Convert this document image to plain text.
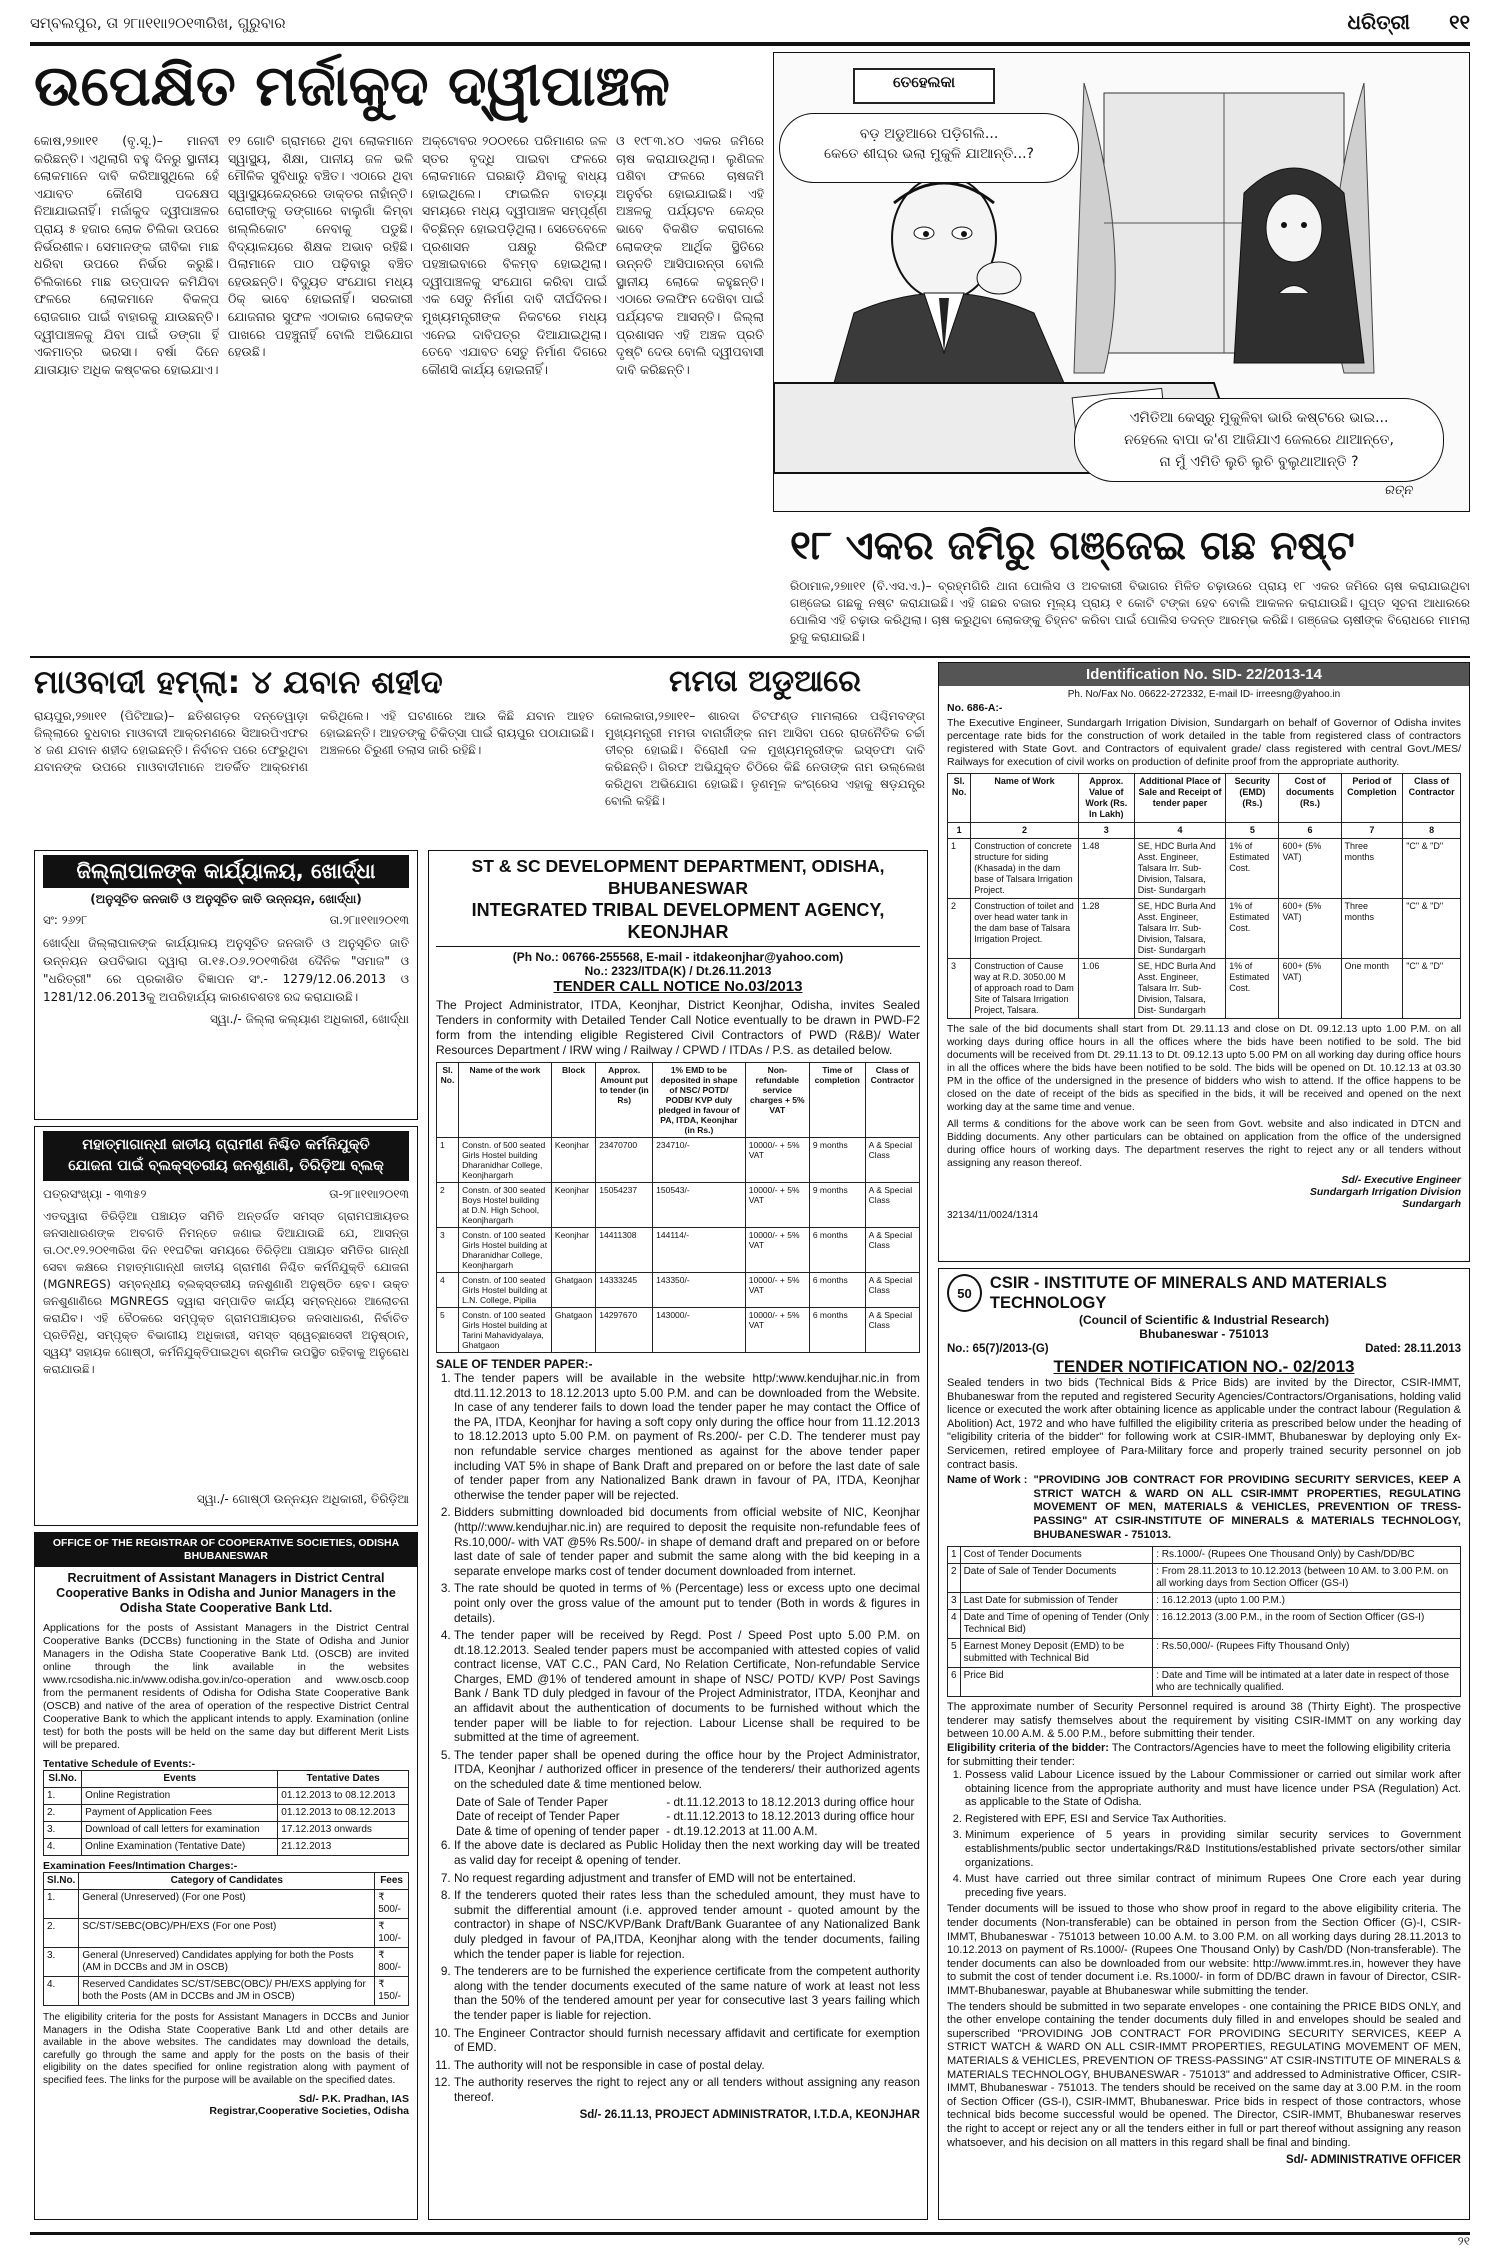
ସମ୍ବଲପୁର, ତା ୨୮ାା୧୧ାା୨୦୧୩ରିଖ, ଗୁରୁବାର	ଧରିତ୍ରୀ ୧୧
ଉପେକ୍ଷିତ ମର୍ଜାକୁଦ ଦ୍ୱୀପାଞ୍ଚଳ
କୋଷ,୨୭ାା୧୧ (ବୃ.ସୂ.)– ମାନବୀ କରିଛନ୍ତି। ଏଥିଲାଗି ବହୁ ଦିନରୁ ସ୍ଥାନୀୟ ଲୋକମାନେ ଦାବି କରିଆସୁଥିଲେ ହେଁ ଏଯାବତ କୌଣସି ପଦକ୍ଷେପ ନିଆଯାଇନାହିଁ। ମର୍ଜାକୁଦ ଦ୍ୱୀପାଞ୍ଚଳର ପ୍ରାୟ ୫ ହଜାର ଲୋକ ଚିଲିକା ଉପରେ ନିର୍ଭରଶୀଳ। ସେମାନଙ୍କ ଜୀବିକା ମାଛ ଧରିବା ଉପରେ ନିର୍ଭର କରୁଛି। ଚିଲିକାରେ ମାଛ ଉତ୍ପାଦନ କମିଯିବା ଫଳରେ ଲୋକମାନେ ବିକଳ୍ପ ରୋଜଗାର ପାଇଁ ବାହାରକୁ ଯାଉଛନ୍ତି। ଦ୍ୱୀପାଞ୍ଚଳକୁ ଯିବା ପାଇଁ ଡଙ୍ଗା ହିଁ ଏକମାତ୍ର ଭରସା। ବର୍ଷା ଦିନେ ଯାତାୟାତ ଅଧିକ କଷ୍ଟକର ହୋଇଯାଏ।
୧୨ ଗୋଟି ଗ୍ରାମରେ ଥିବା ଲୋକମାନେ ସ୍ୱାସ୍ଥ୍ୟ, ଶିକ୍ଷା, ପାନୀୟ ଜଳ ଭଳି ମୌଳିକ ସୁବିଧାରୁ ବଞ୍ଚିତ। ଏଠାରେ ଥିବା ସ୍ୱାସ୍ଥ୍ୟକେନ୍ଦ୍ରରେ ଡାକ୍ତର ନାହାଁନ୍ତି। ରୋଗୀଙ୍କୁ ଡଙ୍ଗାରେ ବାଲୁଗାଁ କିମ୍ବା ଖଲ୍ଲିକୋଟ ନେବାକୁ ପଡୁଛି। ବିଦ୍ୟାଳୟରେ ଶିକ୍ଷକ ଅଭାବ ରହିଛି। ପିଲାମାନେ ପାଠ ପଢ଼ିବାରୁ ବଞ୍ଚିତ ହେଉଛନ୍ତି। ବିଦ୍ୟୁତ ସଂଯୋଗ ମଧ୍ୟ ଠିକ୍ ଭାବେ ହୋଇନାହିଁ। ସରକାରୀ ଯୋଜନାର ସୁଫଳ ଏଠାକାର ଲୋକଙ୍କ ପାଖରେ ପହଞ୍ଚୁନାହିଁ ବୋଲି ଅଭିଯୋଗ ହେଉଛି।
ଅକ୍ଟୋବର ୨୦୦୧ରେ ପରିମାଣର ଜଳ ସ୍ତର ବୃଦ୍ଧି ପାଇବା ଫଳରେ ଲୋକମାନେ ଘରଛାଡ଼ି ଯିବାକୁ ବାଧ୍ୟ ହୋଇଥିଲେ। ଫାଇଲିନ ବାତ୍ୟା ସମୟରେ ମଧ୍ୟ ଦ୍ୱୀପାଞ୍ଚଳ ସମ୍ପୂର୍ଣ୍ଣ ବିଚ୍ଛିନ୍ନ ହୋଇପଡ଼ିଥିଲା। ସେତେବେଳେ ପ୍ରଶାସନ ପକ୍ଷରୁ ରିଲିଫ ପହଞ୍ଚାଇବାରେ ବିଳମ୍ବ ହୋଇଥିଲା। ଦ୍ୱୀପାଞ୍ଚଳକୁ ସଂଯୋଗ କରିବା ପାଇଁ ଏକ ସେତୁ ନିର୍ମାଣ ଦାବି ଦୀର୍ଘଦିନର। ମୁଖ୍ୟମନ୍ତ୍ରୀଙ୍କ ନିକଟରେ ମଧ୍ୟ ଏନେଇ ଦାବିପତ୍ର ଦିଆଯାଇଥିଲା। ତେବେ ଏଯାବତ ସେତୁ ନିର୍ମାଣ ଦିଗରେ କୌଣସି କାର୍ଯ୍ୟ ହୋଇନାହିଁ।
ଓ ୧୯୮୩.୪୦ ଏକର ଜମିରେ ଚାଷ କରାଯାଉଥିଲା। ଲୁଣିଜଳ ପଶିବା ଫଳରେ ଚାଷଜମି ଅନୁର୍ବର ହୋଇଯାଇଛି। ଏହି ଅଞ୍ଚଳକୁ ପର୍ଯ୍ୟଟନ କେନ୍ଦ୍ର ଭାବେ ବିକଶିତ କରାଗଲେ ଲୋକଙ୍କ ଆର୍ଥିକ ସ୍ଥିତିରେ ଉନ୍ନତି ଆସିପାରନ୍ତା ବୋଲି ସ୍ଥାନୀୟ ଲୋକେ କହୁଛନ୍ତି। ଏଠାରେ ଡଲଫିନ ଦେଖିବା ପାଇଁ ପର୍ଯ୍ୟଟକ ଆସନ୍ତି। ଜିଲ୍ଲା ପ୍ରଶାସନ ଏହି ଅଞ୍ଚଳ ପ୍ରତି ଦୃଷ୍ଟି ଦେଉ ବୋଲି ଦ୍ୱୀପବାସୀ ଦାବି କରିଛନ୍ତି।
ତେହେଲକା
ବଡ଼ ଅଡୁଆରେ ପଡ଼ିଗଲି...
କେତେ ଶୀଘ୍ର ଭଲା ମୁକୁଳି ଯାଆନ୍ତି...?
ଏମିତିଆ କେସ୍‌ରୁ ମୁକୁଳିବା ଭାରି କଷ୍ଟରେ ଭାଇ...
ନହେଲେ ବାପା କ'ଣ ଆଜିଯାଏ ଜେଲରେ ଥାଆନ୍ତେ,
ନା ମୁଁ ଏମିତି ଲୁଚି ଲୁଚି ବୁଲୁଥାଆନ୍ତି ?
ରତ୍ନ
୧୮ ଏକର ଜମିରୁ ଗଞ୍ଜେଇ ଗଛ ନଷ୍ଟ
ରିଠାମାଳ,୨୭ାା୧୧ (ବି.ଏସ.ଏ.)– ବ୍ରହ୍ମଗିରି ଥାନା ପୋଲିସ ଓ ଅବକାରୀ ବିଭାଗର ମିଳିତ ଚଢ଼ାଉରେ ପ୍ରାୟ ୧୮ ଏକର ଜମିରେ ଚାଷ କରାଯାଇଥିବା ଗଞ୍ଜେଇ ଗଛକୁ ନଷ୍ଟ କରାଯାଇଛି। ଏହି ଗଛର ବଜାର ମୂଲ୍ୟ ପ୍ରାୟ ୧ କୋଟି ଟଙ୍କା ହେବ ବୋଲି ଆକଳନ କରାଯାଉଛି। ଗୁପ୍ତ ସୂଚନା ଆଧାରରେ ପୋଲିସ ଏହି ଚଢ଼ାଉ କରିଥିଲା। ଚାଷ କରୁଥିବା ଲୋକଙ୍କୁ ଚିହ୍ନଟ କରିବା ପାଇଁ ପୋଲିସ ତଦନ୍ତ ଆରମ୍ଭ କରିଛି। ଗଞ୍ଜେଇ ଚାଷୀଙ୍କ ବିରୋଧରେ ମାମଲା ରୁଜୁ କରାଯାଇଛି।
ମାଓବାଦୀ ହମ୍ଲା: ୪ ଯବାନ ଶହୀଦ
ରାୟପୁର,୨୭ାା୧୧ (ପିଟିଆଇ)– ଛତିଶଗଡ଼ର ଦନ୍ତେୱାଡ଼ା ଜିଲ୍ଲାରେ ବୁଧବାର ମାଓବାଦୀ ଆକ୍ରମଣରେ ସିଆରପିଏଫର ୪ ଜଣ ଯବାନ ଶହୀଦ ହୋଇଛନ୍ତି। ନିର୍ବାଚନ ପରେ ଫେରୁଥିବା ଯବାନଙ୍କ ଉପରେ ମାଓବାଦୀମାନେ ଅତର୍କିତ ଆକ୍ରମଣ କରିଥିଲେ। ଏହି ଘଟଣାରେ ଆଉ କିଛି ଯବାନ ଆହତ ହୋଇଛନ୍ତି। ଆହତଙ୍କୁ ଚିକିତ୍ସା ପାଇଁ ରାୟପୁର ପଠାଯାଇଛି। ଅଞ୍ଚଳରେ ଚିରୁଣୀ ତଲାସ ଜାରି ରହିଛି।
ମମତା ଅଡୁଆରେ
କୋଲକାତା,୨୭ାା୧୧– ଶାରଦା ଚିଟଫଣ୍ଡ ମାମଲାରେ ପଶ୍ଚିମବଙ୍ଗ ମୁଖ୍ୟମନ୍ତ୍ରୀ ମମତା ବାନାର୍ଜୀଙ୍କ ନାମ ଆସିବା ପରେ ରାଜନୈତିକ ଚର୍ଚ୍ଚା ତୀବ୍ର ହୋଇଛି। ବିରୋଧୀ ଦଳ ମୁଖ୍ୟମନ୍ତ୍ରୀଙ୍କ ଇସ୍ତଫା ଦାବି କରିଛନ୍ତି। ଗିରଫ ଅଭିଯୁକ୍ତ ଚିଠିରେ କିଛି ନେତାଙ୍କ ନାମ ଉଲ୍ଲେଖ କରିଥିବା ଅଭିଯୋଗ ହୋଇଛି। ତୃଣମୂଳ କଂଗ୍ରେସ ଏହାକୁ ଷଡ଼ଯନ୍ତ୍ର ବୋଲି କହିଛି।
ଜିଲ୍ଲାପାଳଙ୍କ କାର୍ଯ୍ୟାଳୟ, ଖୋର୍ଦ୍ଧା
(ଅନୁସୂଚିତ ଜନଜାତି ଓ ଅନୁସୂଚିତ ଜାତି ଉନ୍ନୟନ, ଖୋର୍ଦ୍ଧା)
ସଂ: ୨୬୨୮	ତା.୨୮ାା୧୧ାା୨୦୧୩
ଖୋର୍ଦ୍ଧା ଜିଲ୍ଲାପାଳଙ୍କ କାର୍ଯ୍ୟାଳୟ ଅନୁସୂଚିତ ଜନଜାତି ଓ ଅନୁସୂଚିତ ଜାତି ଉନ୍ନୟନ ଉପବିଭାଗ ଦ୍ୱାରା ତା.୧୫.୦୬.୨୦୧୩ରିଖ ଦୈନିକ "ସମାଜ" ଓ "ଧରିତ୍ରୀ" ରେ ପ୍ରକାଶିତ ବିଜ୍ଞାପନ ସଂ.- 1279/12.06.2013 ଓ 1281/12.06.2013କୁ ଅପରିହାର୍ଯ୍ୟ କାରଣବଶତଃ ରଦ୍ଦ କରାଯାଉଛି।
ସ୍ୱା./- ଜିଲ୍ଲା କଲ୍ୟାଣ ଅଧିକାରୀ, ଖୋର୍ଦ୍ଧା
ମହାତ୍ମାଗାନ୍ଧୀ ଜାତୀୟ ଗ୍ରାମୀଣ ନିଶ୍ଚିତ କର୍ମନିଯୁକ୍ତି
ଯୋଜନା ପାଇଁ ବ୍ଲକ୍‌ସ୍ତରୀୟ ଜନଶୁଣାଣି, ତିରିଡ଼ିଆ ବ୍ଲକ୍
ପତ୍ରସଂଖ୍ୟା - ୩୩୫୨	ତା-୨୮ାା୧୧ାା୨୦୧୩
ଏତଦ୍ୱାରା ତିରିଡ଼ିଆ ପଞ୍ଚାୟତ ସମିତି ଅନ୍ତର୍ଗତ ସମସ୍ତ ଗ୍ରାମପଞ୍ଚାୟତର ଜନସାଧାରଣଙ୍କ ଅବଗତି ନିମନ୍ତେ ଜଣାଇ ଦିଆଯାଉଛି ଯେ, ଆସନ୍ତା ତା.୦୯.୧୨.୨୦୧୩ରିଖ ଦିନ ୧୧ଘଟିକା ସମୟରେ ତିରିଡ଼ିଆ ପଞ୍ଚାୟତ ସମିତିର ଗାନ୍ଧୀ ସେବା କକ୍ଷରେ ମହାତ୍ମାଗାନ୍ଧୀ ଜାତୀୟ ଗ୍ରାମୀଣ ନିଶ୍ଚିତ କର୍ମନିଯୁକ୍ତି ଯୋଜନା (MGNREGS) ସମ୍ବନ୍ଧୀୟ ବ୍ଲକ୍‌ସ୍ତରୀୟ ଜନଶୁଣାଣି ଅନୁଷ୍ଠିତ ହେବ। ଉକ୍ତ ଜନଶୁଣାଣିରେ MGNREGS ଦ୍ୱାରା ସମ୍ପାଦିତ କାର୍ଯ୍ୟ ସମ୍ବନ୍ଧରେ ଆଲୋଚନା କରାଯିବ। ଏହି ବୈଠକରେ ସମ୍ପୃକ୍ତ ଗ୍ରାମପଞ୍ଚାୟତର ଜନସାଧାରଣ, ନିର୍ବାଚିତ ପ୍ରତିନିଧି, ସମ୍ପୃକ୍ତ ବିଭାଗୀୟ ଅଧିକାରୀ, ସମସ୍ତ ସ୍ୱେଚ୍ଛାସେବୀ ଅନୁଷ୍ଠାନ, ସ୍ୱୟଂ ସହାୟକ ଗୋଷ୍ଠୀ, କର୍ମନିଯୁକ୍ତିପାଇଥିବା ଶ୍ରମିକ ଉପସ୍ଥିତ ରହିବାକୁ ଅନୁରୋଧ କରାଯାଉଛି।
ସ୍ୱା./- ଗୋଷ୍ଠୀ ଉନ୍ନୟନ ଅଧିକାରୀ, ତିରିଡ଼ିଆ
OFFICE OF THE REGISTRAR OF COOPERATIVE SOCIETIES, ODISHA
BHUBANESWAR
Recruitment of Assistant Managers in District Central Cooperative Banks in Odisha and Junior Managers in the Odisha State Cooperative Bank Ltd.
Applications for the posts of Assistant Managers in the District Central Cooperative Banks (DCCBs) functioning in the State of Odisha and Junior Managers in the Odisha State Cooperative Bank Ltd. (OSCB) are invited online through the link available in the websites www.rcsodisha.nic.in/www.odisha.gov.in/co-operation and www.oscb.coop from the permanent residents of Odisha for Odisha State Cooperative Bank (OSCB) and native of the area of operation of the respective District Central Cooperative Bank to which the applicant intends to apply. Examination (online test) for both the posts will be held on the same day but different Merit Lists will be prepared.
Tentative Schedule of Events:-
Sl.No.	Events	Tentative Dates
1.	Online Registration	01.12.2013 to 08.12.2013
2.	Payment of Application Fees	01.12.2013 to 08.12.2013
3.	Download of call letters for examination	17.12.2013 onwards
4.	Online Examination (Tentative Date)	21.12.2013
Examination Fees/Intimation Charges:-
Sl.No.	Category of Candidates	Fees
1.	General (Unreserved) (For one Post)	₹ 500/-
2.	SC/ST/SEBC(OBC)/PH/EXS (For one Post)	₹ 100/-
3.	General (Unreserved) Candidates applying for both the Posts (AM in DCCBs and JM in OSCB)	₹ 800/-
4.	Reserved Candidates SC/ST/SEBC(OBC)/ PH/EXS applying for both the Posts (AM in DCCBs and JM in OSCB)	₹ 150/-
The eligibility criteria for the posts for Assistant Managers in DCCBs and Junior Managers in the Odisha State Cooperative Bank Ltd and other details are available in the above websites. The candidates may download the details, carefully go through the same and apply for the posts on the basis of their eligibility on the dates specified for online registration along with payment of specified fees. The links for the purpose will be available on the specified dates.
Sd/- P.K. Pradhan, IAS
Registrar,Cooperative Societies, Odisha
ST & SC DEVELOPMENT DEPARTMENT, ODISHA, BHUBANESWAR
INTEGRATED TRIBAL DEVELOPMENT AGENCY, KEONJHAR
(Ph No.: 06766-255568, E-mail - itdakeonjhar@yahoo.com)
No.: 2323/ITDA(K) / Dt.26.11.2013
TENDER CALL NOTICE No.03/2013
The Project Administrator, ITDA, Keonjhar, District Keonjhar, Odisha, invites Sealed Tenders in conformity with Detailed Tender Call Notice eventually to be drawn in PWD-F2 form from the intending eligible Registered Civil Contractors of PWD (R&B)/ Water Resources Department / IRW wing / Railway / CPWD / ITDAs / P.S. as detailed below.
Sl. No.	Name of the work	Block	Approx. Amount put to tender (in Rs)	1% EMD to be deposited in shape of NSC/ POTD/ PODB/ KVP duly pledged in favour of PA, ITDA, Keonjhar (in Rs.)	Non-refundable service charges + 5% VAT	Time of completion	Class of Contractor
1	Constn. of 500 seated Girls Hostel building Dharanidhar College, Keonjhargarh	Keonjhar	23470700	234710/-	10000/- + 5% VAT	9 months	A & Special Class
2	Constn. of 300 seated Boys Hostel building at D.N. High School, Keonjhargarh	Keonjhar	15054237	150543/-	10000/- + 5% VAT	9 months	A & Special Class
3	Constn. of 100 seated Girls Hostel building at Dharanidhar College, Keonjhargarh	Keonjhar	14411308	144114/-	10000/- + 5% VAT	6 months	A & Special Class
4	Constn. of 100 seated Girls Hostel building at L.N. College, Pipilia	Ghatgaon	14333245	143350/-	10000/- + 5% VAT	6 months	A & Special Class
5	Constn. of 100 seated Girls Hostel building at Tarini Mahavidyalaya, Ghatgaon	Ghatgaon	14297670	143000/-	10000/- + 5% VAT	6 months	A & Special Class
SALE OF TENDER PAPER:-
1. The tender papers will be available in the website http/:www.kendujhar.nic.in from dtd.11.12.2013 to 18.12.2013 upto 5.00 P.M. and can be downloaded from the Website. In case of any tenderer fails to down load the tender paper he may contact the Office of the PA, ITDA, Keonjhar for having a soft copy only during the office hour from 11.12.2013 to 18.12.2013 upto 5.00 P.M. on payment of Rs.200/- per C.D. The tenderer must pay non refundable service charges mentioned as against for the above tender paper including VAT 5% in shape of Bank Draft and prepared on or before the last date of sale of tender paper from any Nationalized Bank drawn in favour of PA, ITDA, Keonjhar otherwise the tender paper will be rejected.
2. Bidders submitting downloaded bid documents from official website of NIC, Keonjhar (http//:www.kendujhar.nic.in) are required to deposit the requisite non-refundable fees of Rs.10,000/- with VAT @5% Rs.500/- in shape of demand draft and prepared on or before last date of sale of tender paper and submit the same along with the bid keeping in a separate envelope marks cost of tender document downloaded from internet.
3. The rate should be quoted in terms of % (Percentage) less or excess upto one decimal point only over the gross value of the amount put to tender (Both in words & figures in details).
4. The tender paper will be received by Regd. Post / Speed Post upto 5.00 P.M. on dt.18.12.2013. Sealed tender papers must be accompanied with attested copies of valid contract license, VAT C.C., PAN Card, No Relation Certificate, Non-refundable Service Charges, EMD @1% of tendered amount in shape of NSC/ POTD/ KVP/ Post Savings Bank / Bank TD duly pledged in favour of the Project Administrator, ITDA, Keonjhar and an affidavit about the authentication of documents to be furnished without which the tender paper will be liable to for rejection. Labour License shall be required to be submitted at the time of agreement.
5. The tender paper shall be opened during the office hour by the Project Administrator, ITDA, Keonjhar / authorized officer in presence of the tenderers/ their authorized agents on the scheduled date & time mentioned below.
Date of Sale of Tender Paper	- dt.11.12.2013 to 18.12.2013 during office hour
Date of receipt of Tender Paper	- dt.11.12.2013 to 18.12.2013 during office hour
Date & time of opening of tender paper	- dt.19.12.2013 at 11.00 A.M.
6. If the above date is declared as Public Holiday then the next working day will be treated as valid day for receipt & opening of tender.
7. No request regarding adjustment and transfer of EMD will not be entertained.
8. If the tenderers quoted their rates less than the scheduled amount, they must have to submit the differential amount (i.e. approved tender amount - quoted amount by the contractor) in shape of NSC/KVP/Bank Draft/Bank Guarantee of any Nationalized Bank duly pledged in favour of PA,ITDA, Keonjhar along with the tender documents, failing which the tender paper is liable for rejection.
9. The tenderers are to be furnished the experience certificate from the competent authority along with the tender documents executed of the same nature of work at least not less than the 50% of the tendered amount per year for consecutive last 3 years failing which the tender paper is liable for rejection.
10. The Engineer Contractor should furnish necessary affidavit and certificate for exemption of EMD.
11. The authority will not be responsible in case of postal delay.
12. The authority reserves the right to reject any or all tenders without assigning any reason thereof.
Sd/- 26.11.13, PROJECT ADMINISTRATOR, I.T.D.A, KEONJHAR
Identification No. SID- 22/2013-14
Ph. No/Fax No. 06622-272332, E-mail ID- irreesng@yahoo.in
No. 686-A:-
The Executive Engineer, Sundargarh Irrigation Division, Sundargarh on behalf of Governor of Odisha invites percentage rate bids for the construction of work detailed in the table from registered class of contractors registered with State Govt. and Contractors of equivalent grade/ class registered with central Govt./MES/ Railways for execution of civil works on production of definite proof from the appropriate authority.
Sl. No.	Name of Work	Approx. Value of Work (Rs. In Lakh)	Additional Place of Sale and Receipt of tender paper	Security (EMD) (Rs.)	Cost of documents (Rs.)	Period of Completion	Class of Contractor
1	2	3	4	5	6	7	8
1	Construction of concrete structure for siding (Khasada) in the dam base of Talsara Irrigation Project.	1.48	SE, HDC Burla And Asst. Engineer, Talsara Irr. Sub-Division, Talsara, Dist- Sundargarh	1% of Estimated Cost.	600+ (5% VAT)	Three months	"C" & "D"
2	Construction of toilet and over head water tank in the dam base of Talsara Irrigation Project.	1.28	SE, HDC Burla And Asst. Engineer, Talsara Irr. Sub-Division, Talsara, Dist- Sundargarh	1% of Estimated Cost.	600+ (5% VAT)	Three months	"C" & "D"
3	Construction of Cause way at R.D. 3050.00 M of approach road to Dam Site of Talsara Irrigation Project, Talsara.	1.06	SE, HDC Burla And Asst. Engineer, Talsara Irr. Sub-Division, Talsara, Dist- Sundargarh	1% of Estimated Cost.	600+ (5% VAT)	One month	"C" & "D"
The sale of the bid documents shall start from Dt. 29.11.13 and close on Dt. 09.12.13 upto 1.00 P.M. on all working days during office hours in all the offices where the bids have been notified to be sold. The bid documents will be received from Dt. 29.11.13 to Dt. 09.12.13 upto 5.00 PM on all working day during office hours in all the offices where the bids have been notified to be sold. The bids will be opened on Dt. 10.12.13 at 03.30 PM in the office of the undersigned in the presence of bidders who wish to attend. If the office happens to be closed on the date of receipt of the bids as specified in the bids, it will be received and opened on the next working day at the same time and venue.
All terms & conditions for the above work can be seen from Govt. website and also indicated in DTCN and Bidding documents. Any other particulars can be obtained on application from the office of the undersigned during office hours of working days. The department reserves the right to reject any or all tenders without assigning any reason thereof.
Sd/- Executive Engineer
Sundargarh Irrigation Division
Sundargarh
32134/11/0024/1314
50
CSIR - INSTITUTE OF MINERALS AND MATERIALS TECHNOLOGY
(Council of Scientific & Industrial Research)
Bhubaneswar - 751013
No.: 65(7)/2013-(G)	Dated: 28.11.2013
TENDER NOTIFICATION NO.- 02/2013
Sealed tenders in two bids (Technical Bids & Price Bids) are invited by the Director, CSIR-IMMT, Bhubaneswar from the reputed and registered Security Agencies/Contractors/Organisations, holding valid licence or executed the work after obtaining licence as applicable under the contract labour (Regulation & Abolition) Act, 1972 and who have fulfilled the eligibility criteria as prescribed below under the heading of "eligibility criteria of the bidder" for following work at CSIR-IMMT, Bhubaneswar by deploying only Ex-Servicemen, retired employee of Para-Military force and properly trained security personnel on job contract basis.
Name of Work : "PROVIDING JOB CONTRACT FOR PROVIDING SECURITY SERVICES, KEEP A STRICT WATCH & WARD ON ALL CSIR-IMMT PROPERTIES, REGULATING MOVEMENT OF MEN, MATERIALS & VEHICLES, PREVENTION OF TRESS-PASSING" AT CSIR-INSTITUTE OF MINERALS & MATERIALS TECHNOLOGY, BHUBANESWAR - 751013.
1	Cost of Tender Documents	: Rs.1000/- (Rupees One Thousand Only) by Cash/DD/BC
2	Date of Sale of Tender Documents	: From 28.11.2013 to 10.12.2013 (between 10 AM. to 3.00 P.M. on all working days from Section Officer (GS-I)
3	Last Date for submission of Tender	: 16.12.2013 (upto 1.00 P.M.)
4	Date and Time of opening of Tender (Only Technical Bid)	: 16.12.2013 (3.00 P.M., in the room of Section Officer (GS-I)
5	Earnest Money Deposit (EMD) to be submitted with Technical Bid	: Rs.50,000/- (Rupees Fifty Thousand Only)
6	Price Bid	: Date and Time will be intimated at a later date in respect of those who are technically qualified.
The approximate number of Security Personnel required is around 38 (Thirty Eight). The prospective tenderer may satisfy themselves about the requirement by visiting CSIR-IMMT on any working day between 10.00 A.M. & 5.00 P.M., before submitting their tender.
Eligibility criteria of the bidder: The Contractors/Agencies have to meet the following eligibility criteria for submitting their tender:
1. Possess valid Labour Licence issued by the Labour Commissioner or carried out similar work after obtaining licence from the appropriate authority and must have licence under PSA (Regulation) Act. as applicable to the State of Odisha.
2. Registered with EPF, ESI and Service Tax Authorities.
3. Minimum experience of 5 years in providing similar security services to Government establishments/public sector undertakings/R&D Institutions/established private sectors/other similar organizations.
4. Must have carried out three similar contract of minimum Rupees One Crore each year during preceding five years.
Tender documents will be issued to those who show proof in regard to the above eligibility criteria. The tender documents (Non-transferable) can be obtained in person from the Section Officer (G)-I, CSIR-IMMT, Bhubaneswar - 751013 between 10.00 A.M. to 3.00 P.M. on all working days during 28.11.2013 to 10.12.2013 on payment of Rs.1000/- (Rupees One Thousand Only) by Cash/DD (Non-transferable). The tender documents can also be downloaded from our website: http://www.immt.res.in, however they have to submit the cost of tender document i.e. Rs.1000/- in form of DD/BC drawn in favour of Director, CSIR-IMMT-Bhubaneswar, payable at Bhubaneswar while submitting the tender.
The tenders should be submitted in two separate envelopes - one containing the PRICE BIDS ONLY, and the other envelope containing the tender documents duly filled in and envelopes should be sealed and superscribed "PROVIDING JOB CONTRACT FOR PROVIDING SECURITY SERVICES, KEEP A STRICT WATCH & WARD ON ALL CSIR-IMMT PROPERTIES, REGULATING MOVEMENT OF MEN, MATERIALS & VEHICLES, PREVENTION OF TRESS-PASSING" AT CSIR-INSTITUTE OF MINERALS & MATERIALS TECHNOLOGY, BHUBANESWAR - 751013" and addressed to Administrative Officer, CSIR-IMMT, Bhubaneswar - 751013. The tenders should be received on the same day at 3.00 P.M. in the room of Section Officer (GS-I), CSIR-IMMT, Bhubaneswar. Price bids in respect of those contractors, whose technical bids become successful would be opened. The Director, CSIR-IMMT, Bhubaneswar reserves the right to accept or reject any or all the tenders either in full or part thereof without assigning any reason whatsoever, and his decision on all matters in this regard shall be final and binding.
Sd/- ADMINISTRATIVE OFFICER
୨୧
